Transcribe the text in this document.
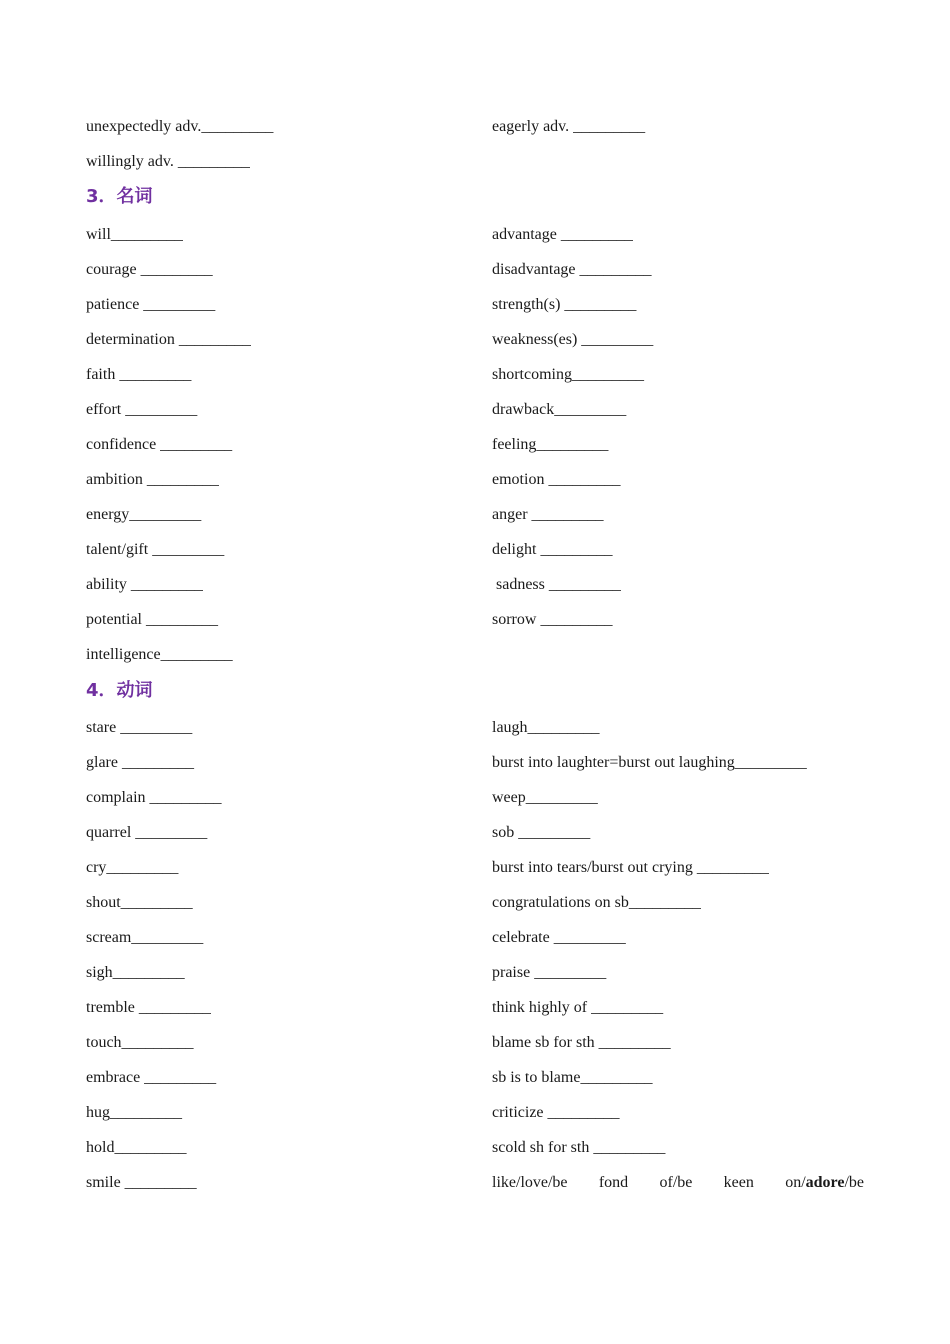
unexpectedly adv._________	eagerly adv. _________
willingly adv. _________
3．名词
will_________	advantage _________
courage _________	disadvantage _________
patience _________	strength(s) _________
determination _________	weakness(es) _________
faith _________	shortcoming_________
effort _________	drawback_________
confidence _________	feeling_________
ambition _________	emotion _________
energy_________	anger _________
talent/gift _________	delight _________
ability _________	sadness _________
potential _________	sorrow _________
intelligence_________
4．动词
stare _________	laugh_________
glare _________	burst into laughter=burst out laughing_________
complain _________	weep_________
quarrel _________	sob _________
cry_________	burst into tears/burst out crying _________
shout_________	congratulations on sb_________
scream_________	celebrate _________
sigh_________	praise _________
tremble _________	think highly of _________
touch_________	blame sb for sth _________
embrace _________	sb is to blame_________
hug_________	criticize _________
hold_________	scold sh for sth _________
smile _________	like/love/be fond of/be keen on/adore/be
